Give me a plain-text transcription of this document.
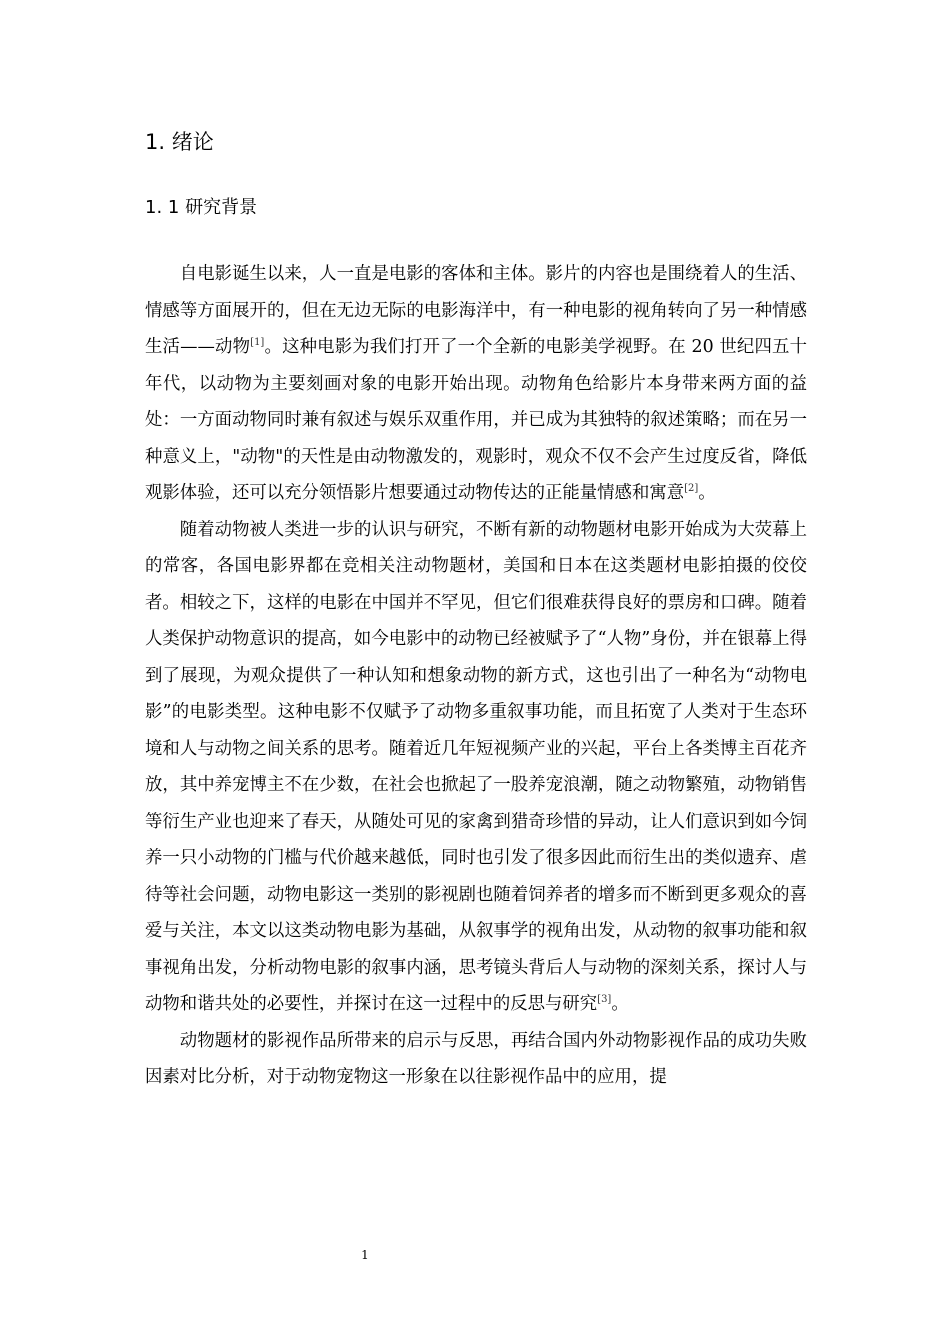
1. 绪论
1. 1 研究背景

自电影诞生以来，人一直是电影的客体和主体。影片的内容也是围绕着人的生活、情感等方面展开的，但在无边无际的电影海洋中，有一种电影的视角转向了另一种情感生活——动物[1]。这种电影为我们打开了一个全新的电影美学视野。在 20 世纪四五十年代，以动物为主要刻画对象的电影开始出现。动物角色给影片本身带来两方面的益处：一方面动物同时兼有叙述与娱乐双重作用，并已成为其独特的叙述策略；而在另一种意义上，"动物"的天性是由动物激发的，观影时，观众不仅不会产生过度反省，降低观影体验，还可以充分领悟影片想要通过动物传达的正能量情感和寓意[2]。

随着动物被人类进一步的认识与研究，不断有新的动物题材电影开始成为大荧幕上的常客，各国电影界都在竞相关注动物题材，美国和日本在这类题材电影拍摄的佼佼者。相较之下，这样的电影在中国并不罕见，但它们很难获得良好的票房和口碑。随着人类保护动物意识的提高，如今电影中的动物已经被赋予了“人物”身份，并在银幕上得到了展现，为观众提供了一种认知和想象动物的新方式，这也引出了一种名为“动物电影”的电影类型。这种电影不仅赋予了动物多重叙事功能，而且拓宽了人类对于生态环境和人与动物之间关系的思考。随着近几年短视频产业的兴起，平台上各类博主百花齐放，其中养宠博主不在少数，在社会也掀起了一股养宠浪潮，随之动物繁殖，动物销售等衍生产业也迎来了春天，从随处可见的家禽到猎奇珍惜的异动，让人们意识到如今饲养一只小动物的门槛与代价越来越低，同时也引发了很多因此而衍生出的类似遗弃、虐待等社会问题，动物电影这一类别的影视剧也随着饲养者的增多而不断到更多观众的喜爱与关注，本文以这类动物电影为基础，从叙事学的视角出发，从动物的叙事功能和叙事视角出发，分析动物电影的叙事内涵，思考镜头背后人与动物的深刻关系，探讨人与动物和谐共处的必要性，并探讨在这一过程中的反思与研究[3]。

动物题材的影视作品所带来的启示与反思，再结合国内外动物影视作品的成功失败因素对比分析，对于动物宠物这一形象在以往影视作品中的应用，提

1
